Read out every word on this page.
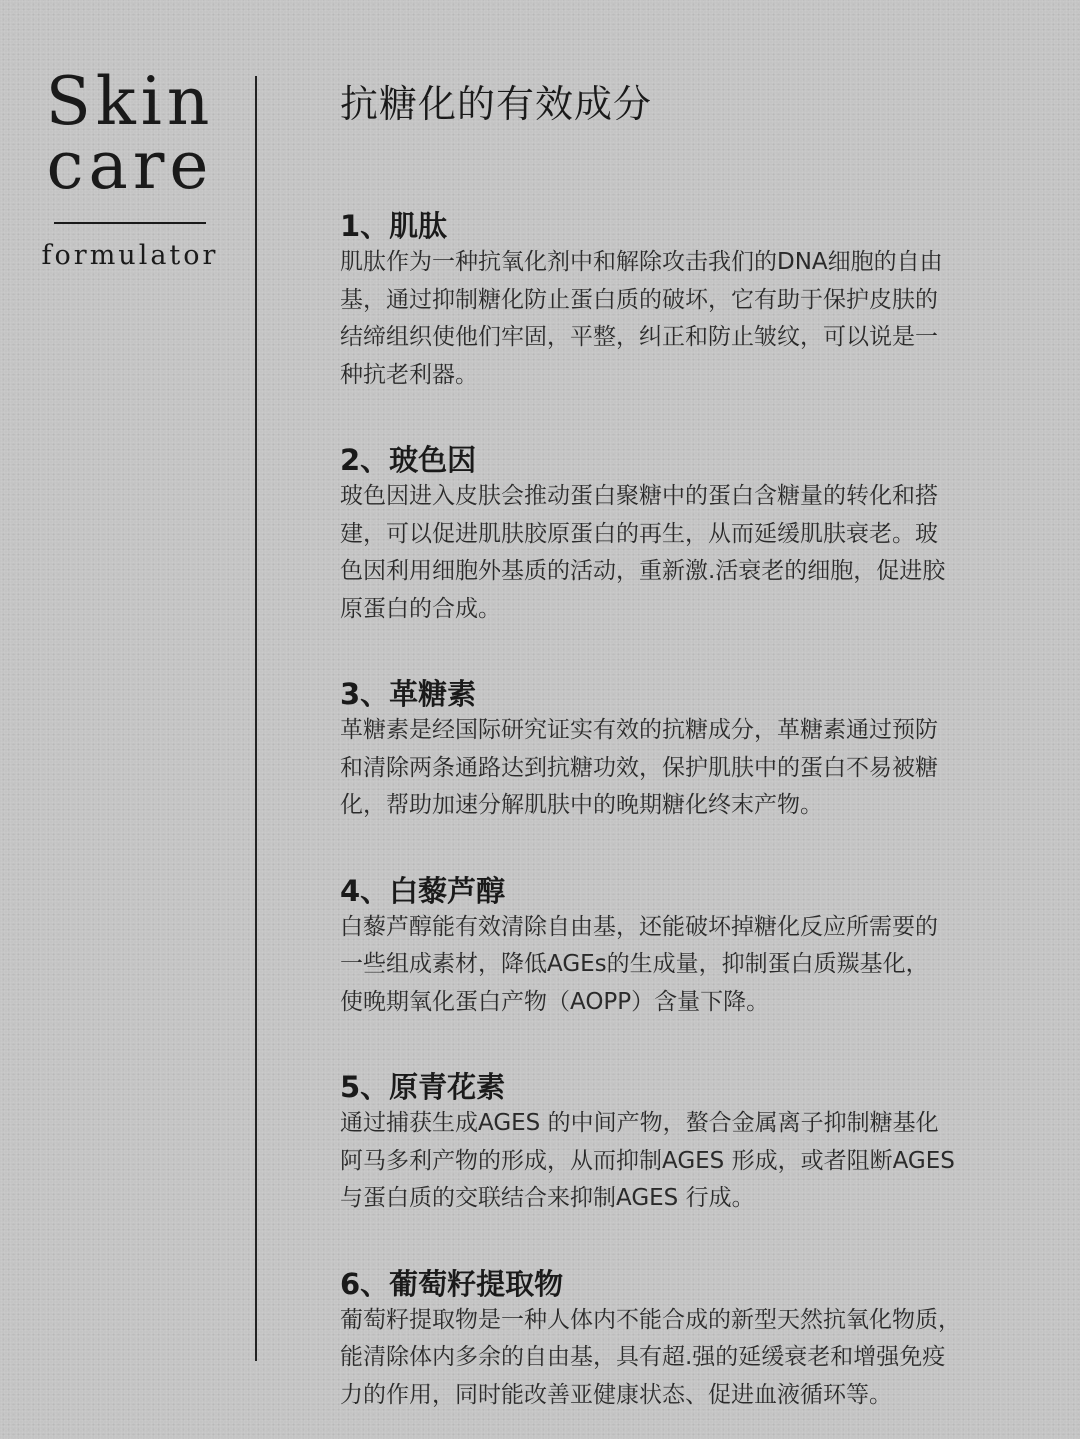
Skin
care
formulator
抗糖化的有效成分
1、肌肽

肌肽作为一种抗氧化剂中和解除攻击我们的DNA细胞的自由
基，通过抑制糖化防止蛋白质的破坏，它有助于保护皮肤的
结缔组织使他们牢固，平整，纠正和防止皱纹，可以说是一
种抗老利器。

2、玻色因

玻色因进入皮肤会推动蛋白聚糖中的蛋白含糖量的转化和搭
建，可以促进肌肤胶原蛋白的再生，从而延缓肌肤衰老。玻
色因利用细胞外基质的活动，重新激.活衰老的细胞，促进胶
原蛋白的合成。

3、革糖素

革糖素是经国际研究证实有效的抗糖成分，革糖素通过预防
和清除两条通路达到抗糖功效，保护肌肤中的蛋白不易被糖
化，帮助加速分解肌肤中的晚期糖化终末产物。

4、白藜芦醇

白藜芦醇能有效清除自由基，还能破坏掉糖化反应所需要的
一些组成素材，降低AGEs的生成量，抑制蛋白质羰基化，
使晚期氧化蛋白产物（AOPP）含量下降。

5、原青花素

通过捕获生成AGES 的中间产物，螯合金属离子抑制糖基化
阿马多利产物的形成，从而抑制AGES 形成，或者阻断AGES
与蛋白质的交联结合来抑制AGES 行成。

6、葡萄籽提取物

葡萄籽提取物是一种人体内不能合成的新型天然抗氧化物质，
能清除体内多余的自由基，具有超.强的延缓衰老和增强免疫
力的作用，同时能改善亚健康状态、促进血液循环等。
